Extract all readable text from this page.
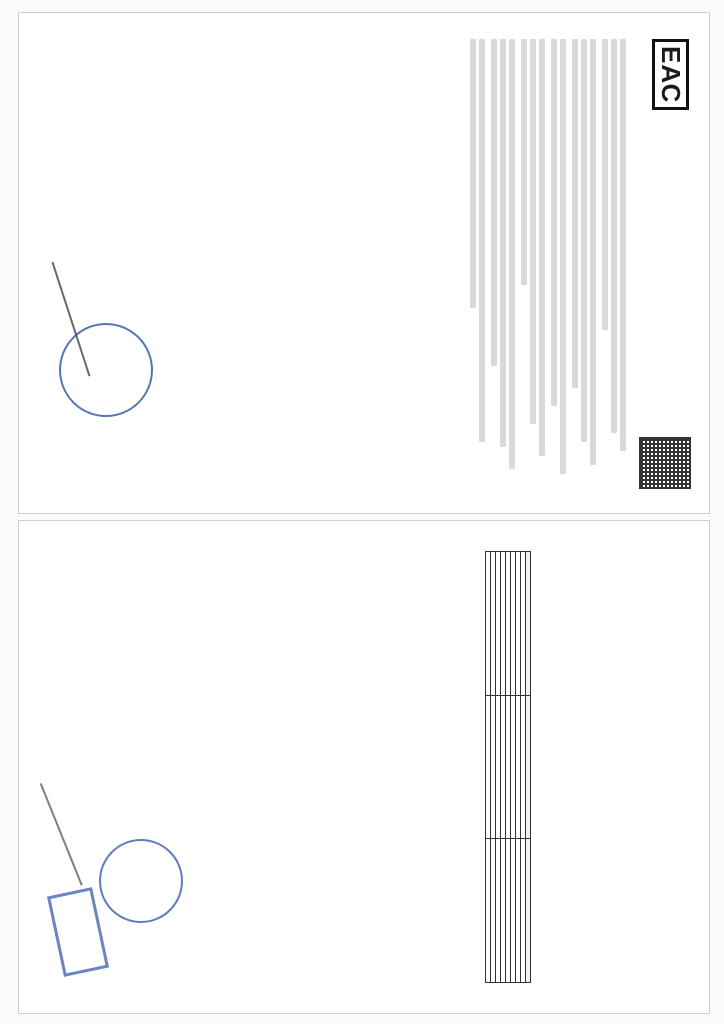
ЕАС
